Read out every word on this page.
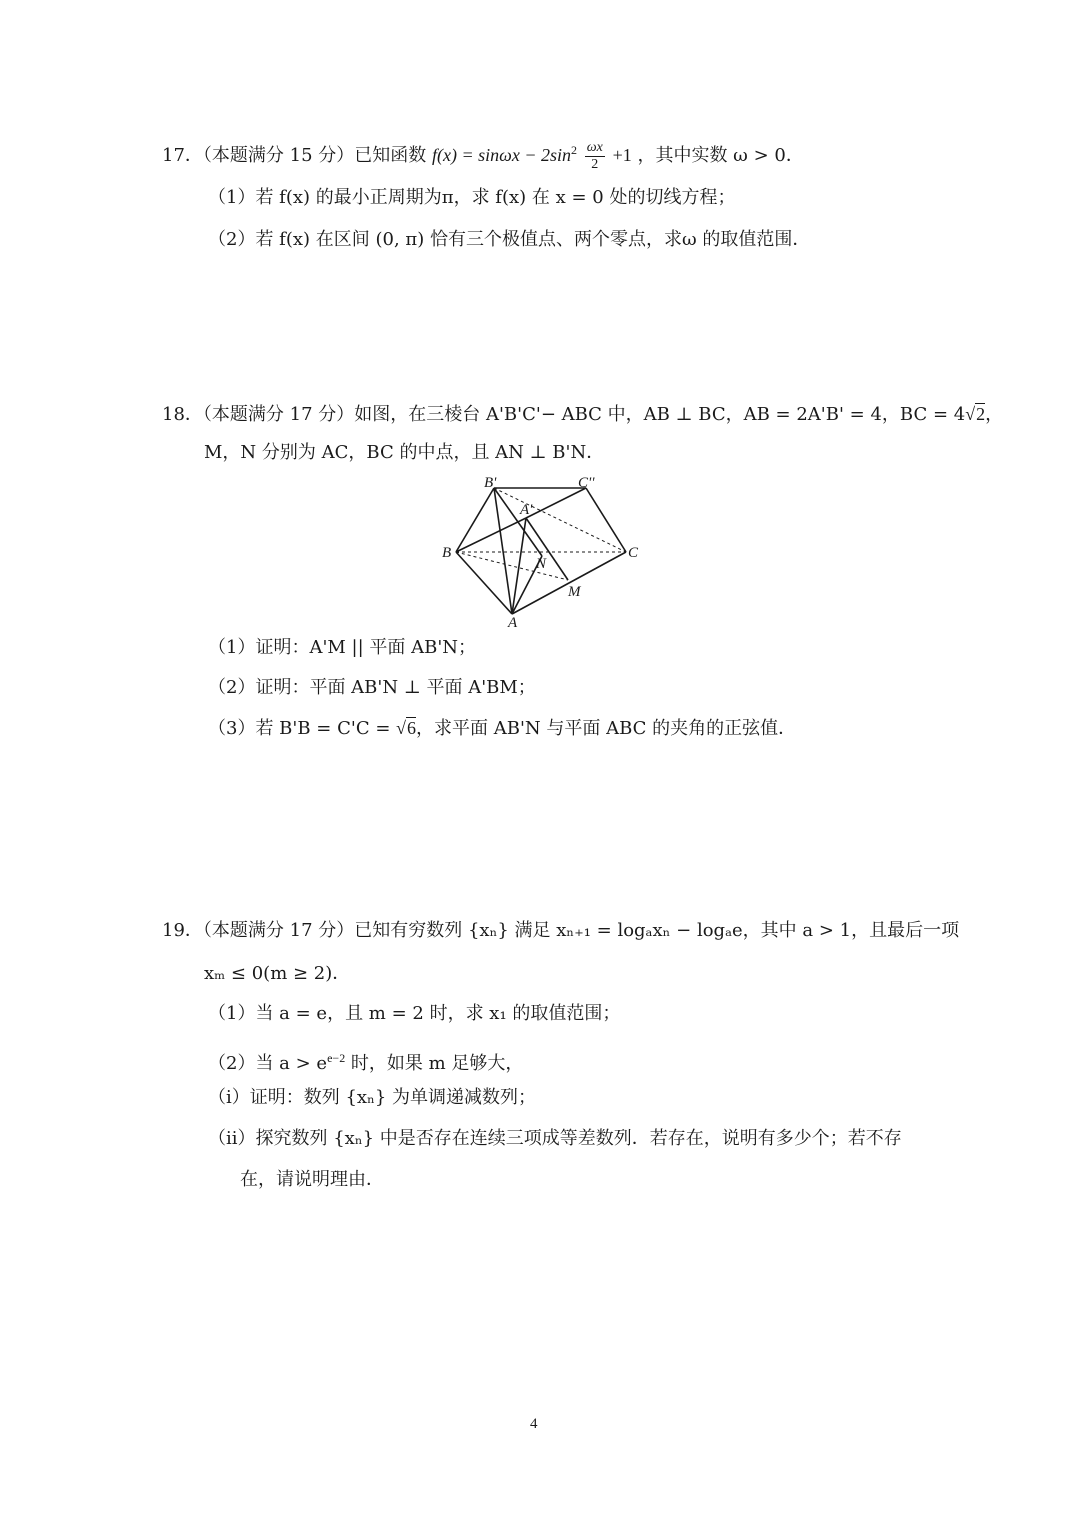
17．（本题满分 15 分）已知函数 $f(x) = \sin\omega x - 2\sin^2 \frac{\omega x}{2} +1$ ，其中实数 ω > 0．
（1）若 f(x) 的最小正周期为π，求 f(x) 在 x = 0 处的切线方程；
（2）若 f(x) 在区间 (0, π) 恰有三个极值点、两个零点，求ω 的取值范围．
18．（本题满分 17 分）如图，在三棱台 A'B'C'− ABC 中，AB ⊥ BC，AB = 2A'B' = 4，BC = 4√2，
M，N 分别为 AC，BC 的中点，且 AN ⊥ B'N．
B'	C''
A'
B	C
N
M
A
（1）证明：A'M || 平面 AB'N；
（2）证明：平面 AB'N ⊥ 平面 A'BM；
（3）若 B'B = C'C = √6，求平面 AB'N 与平面 ABC 的夹角的正弦值．
19．（本题满分 17 分）已知有穷数列 {xₙ} 满足 xₙ₊₁ = logₐxₙ − logₐe，其中 a > 1，且最后一项
xₘ ≤ 0(m ≥ 2)．
（1）当 a = e，且 m = 2 时，求 x₁ 的取值范围；
（2）当 $a > e^{e-2}$ 时，如果 m 足够大，
（i）证明：数列 {xₙ} 为单调递减数列；
（ii）探究数列 {xₙ} 中是否存在连续三项成等差数列．若存在，说明有多少个；若不存
在，请说明理由．
4
